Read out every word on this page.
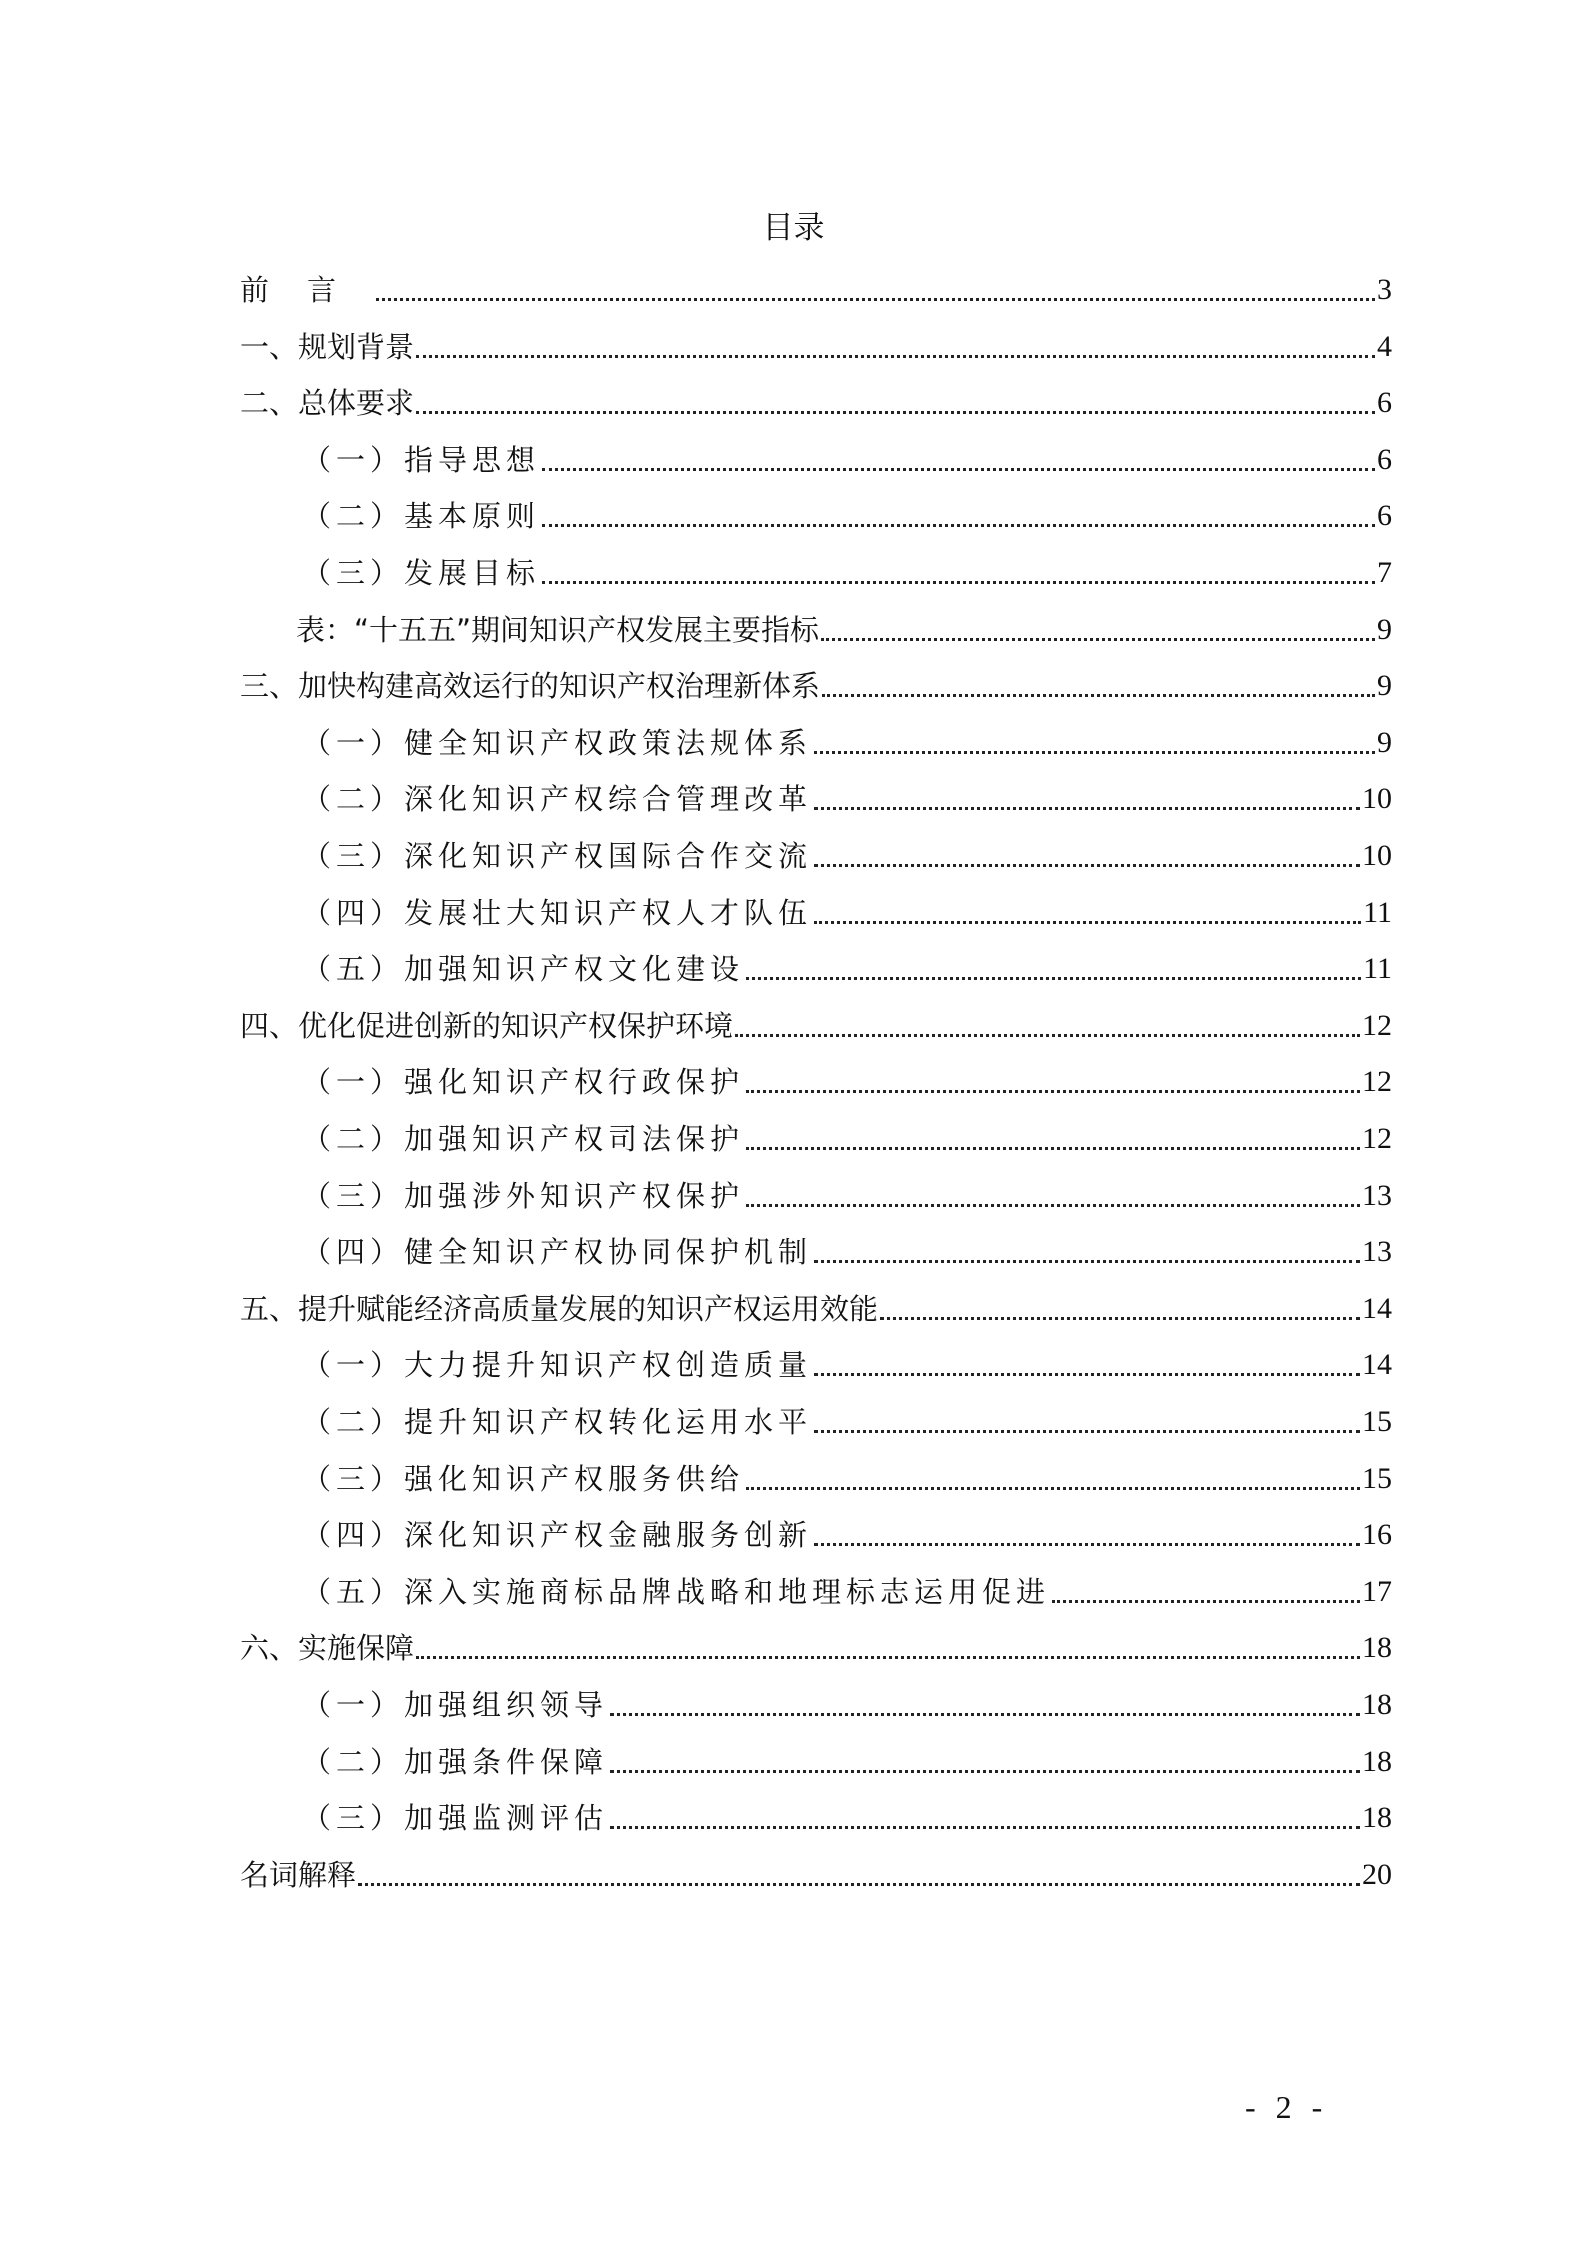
目录
前言	3
一、规划背景	4
二、总体要求	6
（一）指导思想	6
（二）基本原则	6
（三）发展目标	7
表：“十五五”期间知识产权发展主要指标	9
三、加快构建高效运行的知识产权治理新体系	9
（一）健全知识产权政策法规体系	9
（二）深化知识产权综合管理改革	10
（三）深化知识产权国际合作交流	10
（四）发展壮大知识产权人才队伍	11
（五）加强知识产权文化建设	11
四、优化促进创新的知识产权保护环境	12
（一）强化知识产权行政保护	12
（二）加强知识产权司法保护	12
（三）加强涉外知识产权保护	13
（四）健全知识产权协同保护机制	13
五、提升赋能经济高质量发展的知识产权运用效能	14
（一）大力提升知识产权创造质量	14
（二）提升知识产权转化运用水平	15
（三）强化知识产权服务供给	15
（四）深化知识产权金融服务创新	16
（五）深入实施商标品牌战略和地理标志运用促进	17
六、实施保障	18
（一）加强组织领导	18
（二）加强条件保障	18
（三）加强监测评估	18
名词解释	20
- 2 -
